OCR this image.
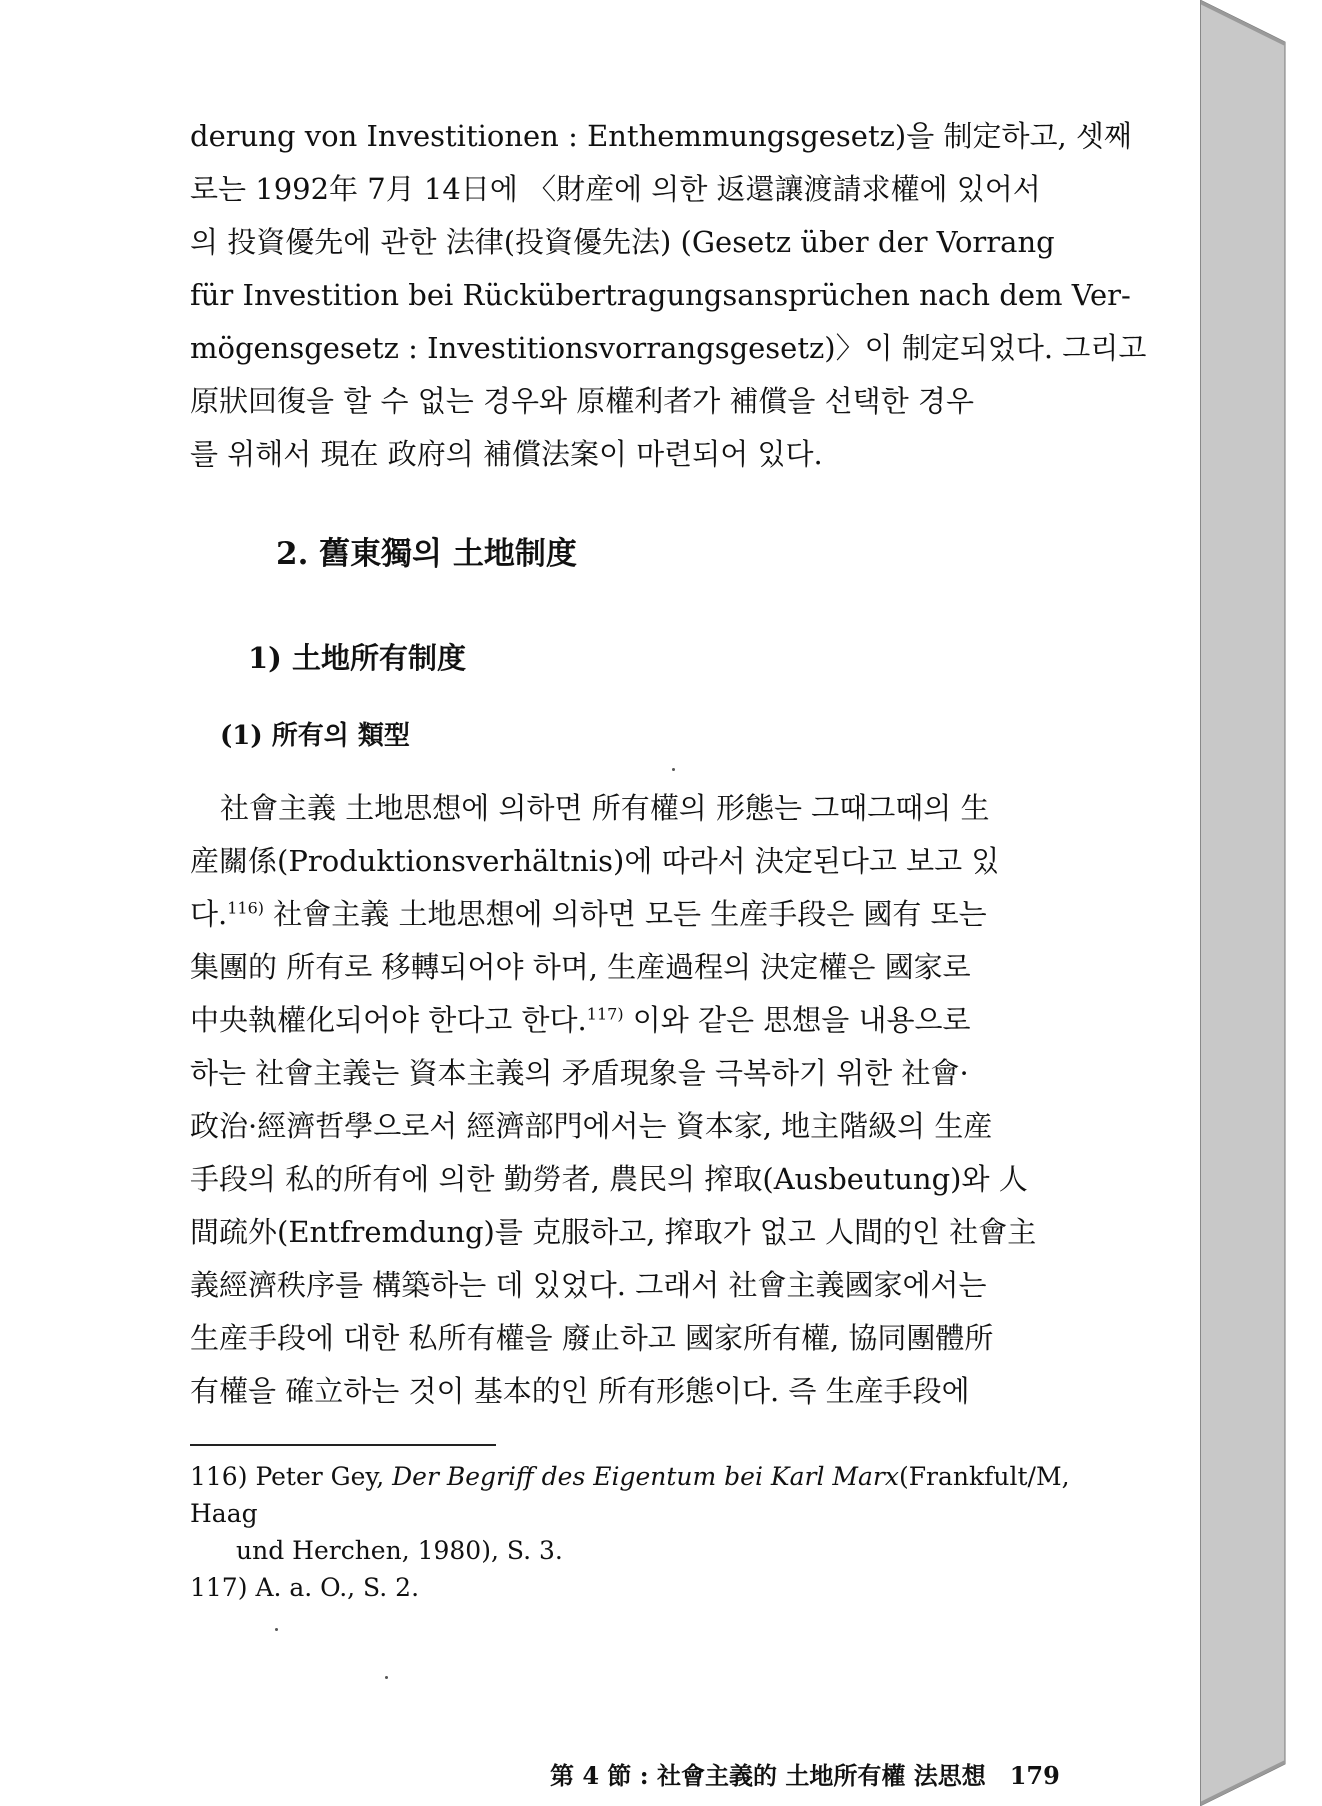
derung von Investitionen : Enthemmungsgesetz)을 制定하고, 셋째
로는 1992年 7月 14日에 〈財産에 의한 返還讓渡請求權에 있어서
의 投資優先에 관한 法律(投資優先法) (Gesetz über der Vorrang
für Investition bei Rückübertragungsansprüchen nach dem Ver-
mögensgesetz : Investitionsvorrangsgesetz)〉이 制定되었다. 그리고
原狀回復을 할 수 없는 경우와 原權利者가 補償을 선택한 경우
를 위해서 現在 政府의 補償法案이 마련되어 있다.
2. 舊東獨의 土地制度
1) 土地所有制度
(1) 所有의 類型
社會主義 土地思想에 의하면 所有權의 形態는 그때그때의 生
産關係(Produktionsverhältnis)에 따라서 決定된다고 보고 있
다.$^{116)}$ 社會主義 土地思想에 의하면 모든 生産手段은 國有 또는
集團的 所有로 移轉되어야 하며, 生産過程의 決定權은 國家로
中央執權化되어야 한다고 한다.$^{117)}$ 이와 같은 思想을 내용으로
하는 社會主義는 資本主義의 矛盾現象을 극복하기 위한 社會·
政治·經濟哲學으로서 經濟部門에서는 資本家, 地主階級의 生産
手段의 私的所有에 의한 勤勞者, 農民의 搾取(Ausbeutung)와 人
間疏外(Entfremdung)를 克服하고, 搾取가 없고 人間的인 社會主
義經濟秩序를 構築하는 데 있었다. 그래서 社會主義國家에서는
生産手段에 대한 私所有權을 廢止하고 國家所有權, 協同團體所
有權을 確立하는 것이 基本的인 所有形態이다. 즉 生産手段에

116) Peter Gey, Der Begriff des Eigentum bei Karl Marx(Frankfult/M, Haag
und Herchen, 1980), S. 3.

117) A. a. O., S. 2.

第 4 節 : 社會主義的 土地所有權 法思想 179
